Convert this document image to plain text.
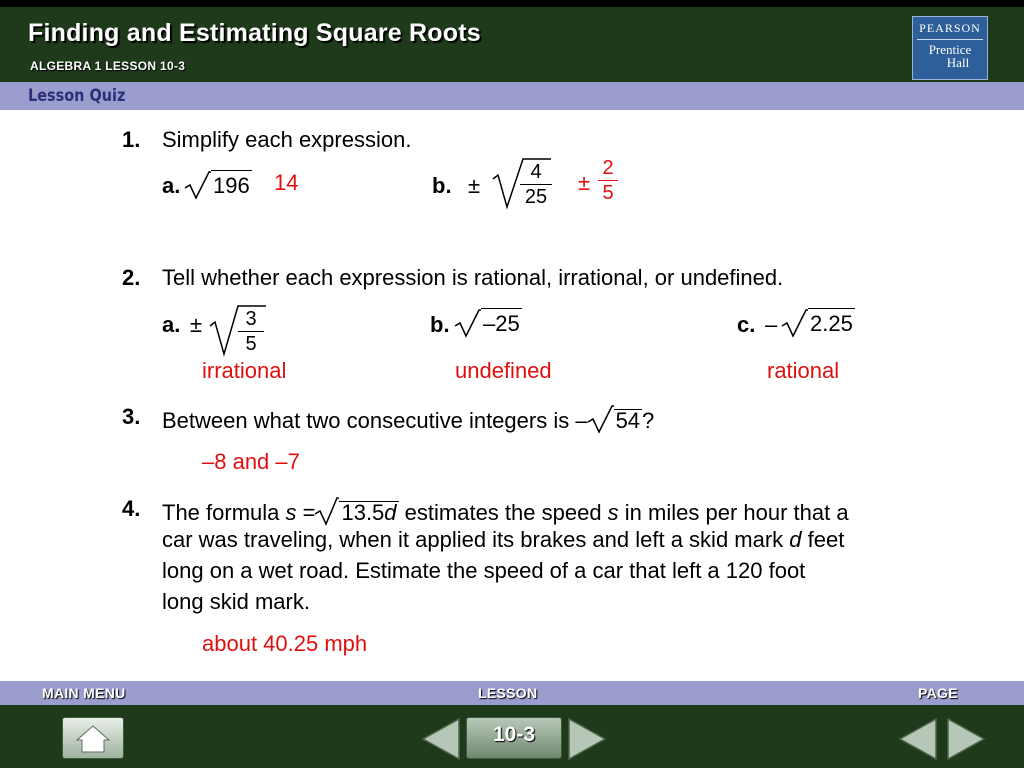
Finding and Estimating Square Roots
ALGEBRA 1 LESSON 10-3
PEARSON
Prentice
Hall
Lesson Quiz
1. Simplify each expression.
a. 196 14	b. ± $\frac{4}{25} \pm \frac{2}{5}$
2. Tell whether each expression is rational, irrational, or undefined.
a. ± $\frac{3}{5}$
irrational
b. –25
undefined
c. – 2.25
rational
3. Between what two consecutive integers is – 54?
–8 and –7
4. The formula s = 13.5d estimates the speed s in miles per hour that a
car was traveling, when it applied its brakes and left a skid mark d feet
long on a wet road. Estimate the speed of a car that left a 120 foot
long skid mark.
about 40.25 mph
MAIN MENU	LESSON	PAGE
10-3
